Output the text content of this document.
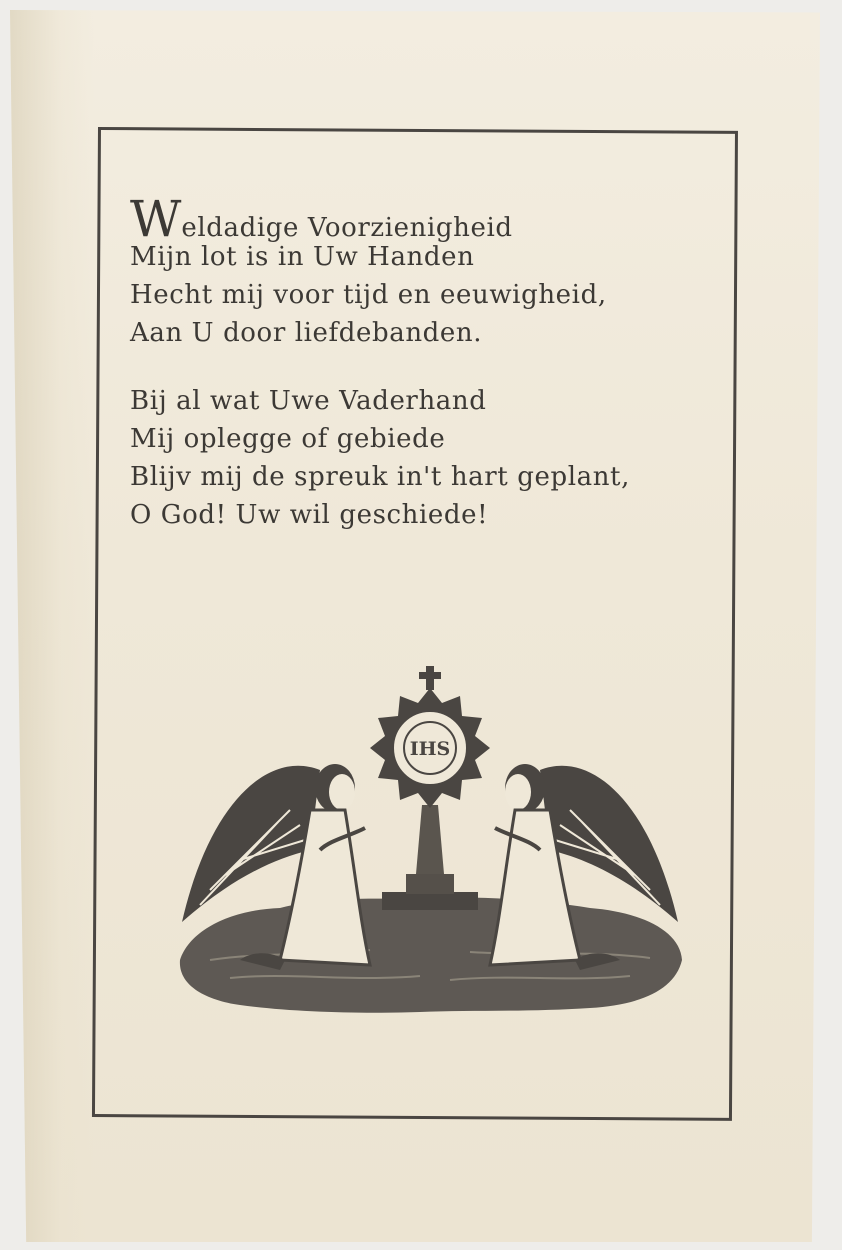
Weldadige Voorzienigheid
Mijn lot is in Uw Handen
Hecht mij voor tijd en eeuwigheid,
Aan U door liefdebanden.
Bij al wat Uwe Vaderhand
Mij oplegge of gebiede
Blijv mij de spreuk in't hart geplant,
O God! Uw wil geschiede!
IHS
